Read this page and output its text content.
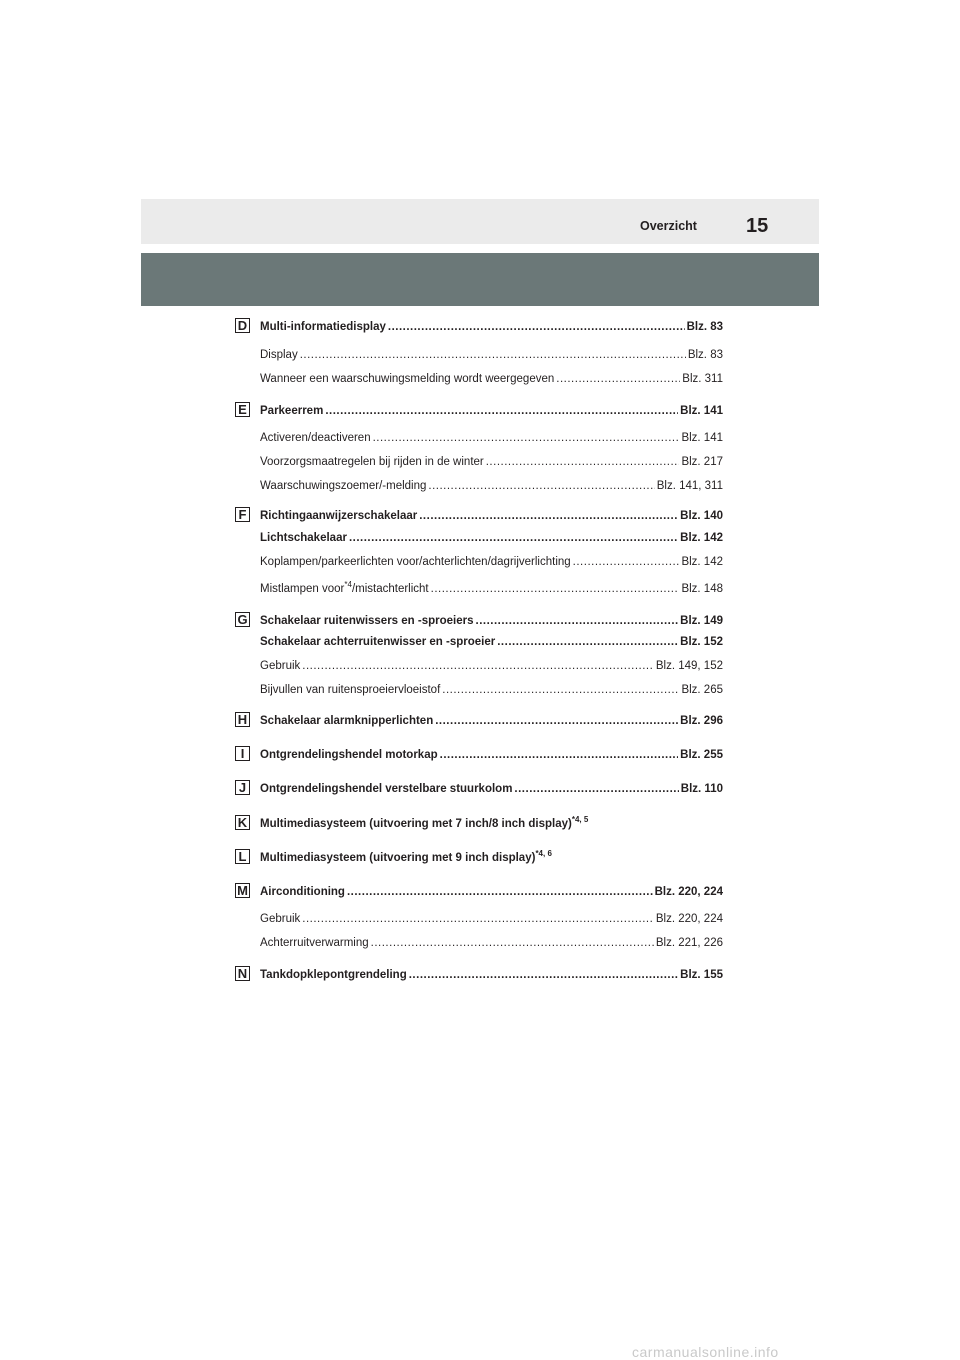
Overzicht 15
D Multi-informatiedisplay .....	Blz. 83
Display .....	Blz. 83
Wanneer een waarschuwingsmelding wordt weergegeven .....	Blz. 311
E Parkeerrem .....	Blz. 141
Activeren/deactiveren .....	Blz. 141
Voorzorgsmaatregelen bij rijden in de winter .....	Blz. 217
Waarschuwingszoemer/-melding .....	Blz. 141, 311
F	Richtingaanwijzerschakelaar .....	Blz. 140
Lichtschakelaar .....	Blz. 142
Koplampen/parkeerlichten voor/achterlichten/dagrijverlichting .....	Blz. 142
Mistlampen voor$^{*4}$/mistachterlicht .....	Blz. 148
G Schakelaar ruitenwissers en -sproeiers .....	Blz. 149
Schakelaar achterruitenwisser en -sproeier .....	Blz. 152
Gebruik .....	Blz. 149, 152
Bijvullen van ruitensproeiervloeistof .....	Blz. 265
H Schakelaar alarmknipperlichten .....	Blz. 296
I	Ontgrendelingshendel motorkap .....	Blz. 255
J	Ontgrendelingshendel verstelbare stuurkolom .....	Blz. 110
K Multimediasysteem (uitvoering met 7 inch/8 inch display)$^{*4, 5}$
L	Multimediasysteem (uitvoering met 9 inch display)$^{*4, 6}$
M Airconditioning .....	Blz. 220, 224
Gebruik .....	Blz. 220, 224
Achterruitverwarming .....	Blz. 221, 226
N Tankdopklepontgrendeling .....	Blz. 155
carmanualsonline.info
